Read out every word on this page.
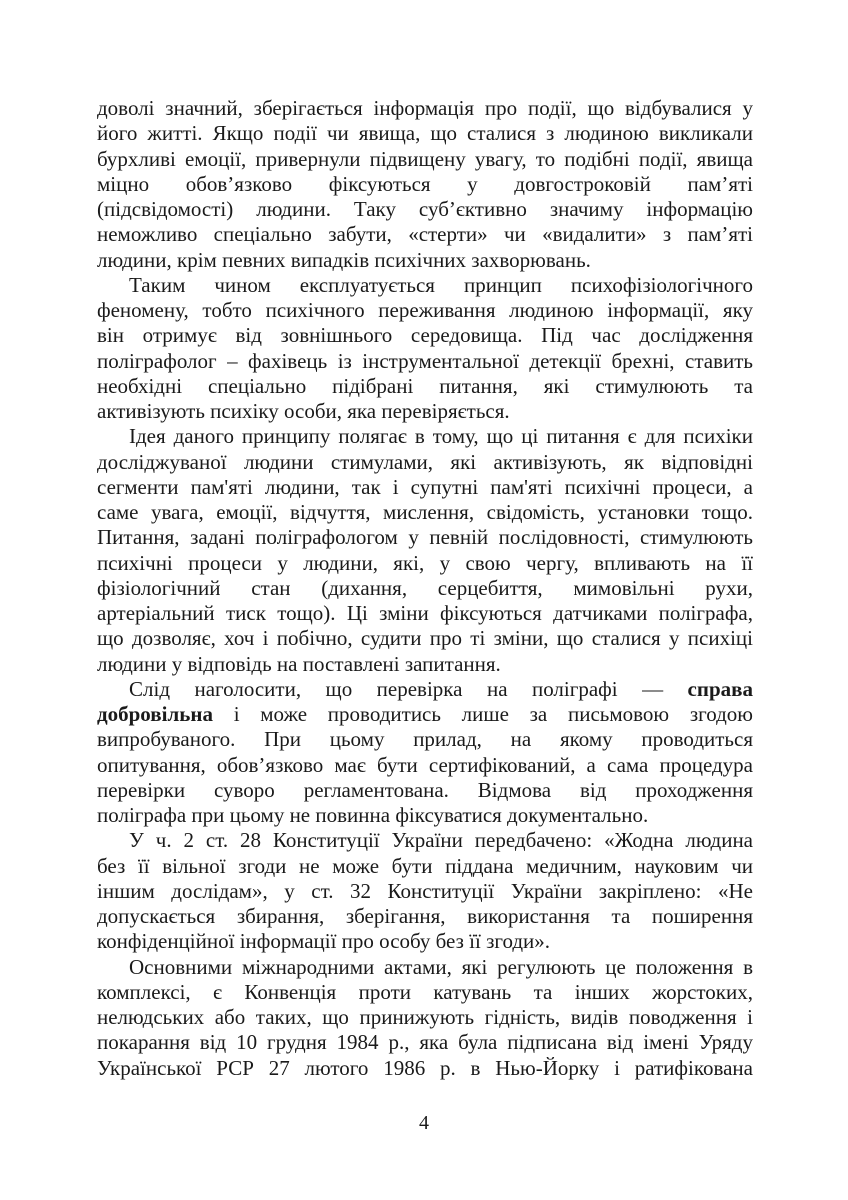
доволі значний, зберігається інформація про події, що відбувалися у
його житті. Якщо події чи явища, що сталися з людиною викликали
бурхливі емоції, привернули підвищену увагу, то подібні події, явища
міцно обов’язково фіксуються у довгостроковій пам’яті
(підсвідомості) людини. Таку суб’єктивно значиму інформацію
неможливо спеціально забути, «стерти» чи «видалити» з пам’яті
людини, крім певних випадків психічних захворювань.
Таким чином експлуатується принцип психофізіологічного
феномену, тобто психічного переживання людиною інформації, яку
він отримує від зовнішнього середовища. Під час дослідження
поліграфолог – фахівець із інструментальної детекції брехні, ставить
необхідні спеціально підібрані питання, які стимулюють та
активізують психіку особи, яка перевіряється.
Ідея даного принципу полягає в тому, що ці питання є для психіки
досліджуваної людини стимулами, які активізують, як відповідні
сегменти пам'яті людини, так і супутні пам'яті психічні процеси, а
саме увага, емоції, відчуття, мислення, свідомість, установки тощо.
Питання, задані поліграфологом у певній послідовності, стимулюють
психічні процеси у людини, які, у свою чергу, впливають на її
фізіологічний стан (дихання, серцебиття, мимовільні рухи,
артеріальний тиск тощо). Ці зміни фіксуються датчиками поліграфа,
що дозволяє, хоч і побічно, судити про ті зміни, що сталися у психіці
людини у відповідь на поставлені запитання.
Слід наголосити, що перевірка на поліграфі — справа
добровільна і може проводитись лише за письмовою згодою
випробуваного. При цьому прилад, на якому проводиться
опитування, обов’язково має бути сертифікований, а сама процедура
перевірки суворо регламентована. Відмова від проходження
поліграфа при цьому не повинна фіксуватися документально.
У ч. 2 ст. 28 Конституції України передбачено: «Жодна людина
без її вільної згоди не може бути піддана медичним, науковим чи
іншим дослідам», у ст. 32 Конституції України закріплено: «Не
допускається збирання, зберігання, використання та поширення
конфіденційної інформації про особу без її згоди».
Основними міжнародними актами, які регулюють це положення в
комплексі, є Конвенція проти катувань та інших жорстоких,
нелюдських або таких, що принижують гідність, видів поводження і
покарання від 10 грудня 1984 р., яка була підписана від імені Уряду
Української РСР 27 лютого 1986 р. в Нью-Йорку і ратифікована
4
